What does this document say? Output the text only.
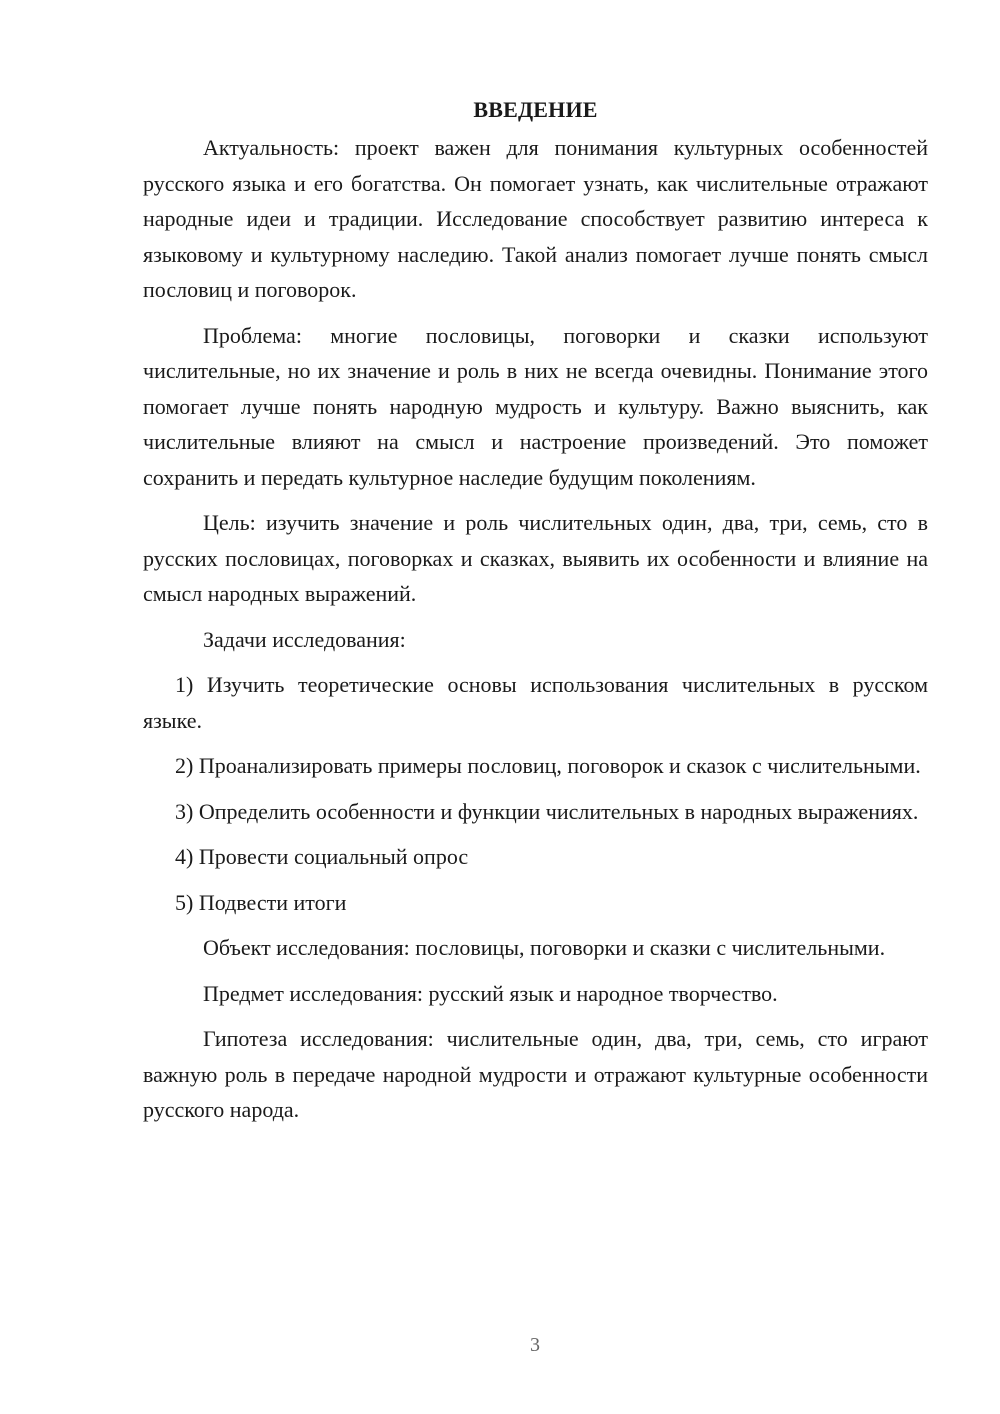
ВВЕДЕНИЕ

Актуальность: проект важен для понимания культурных особенностей русского языка и его богатства. Он помогает узнать, как числительные отражают народные идеи и традиции. Исследование способствует развитию интереса к языковому и культурному наследию. Такой анализ помогает лучше понять смысл пословиц и поговорок.

Проблема: многие пословицы, поговорки и сказки используют числительные, но их значение и роль в них не всегда очевидны. Понимание этого помогает лучше понять народную мудрость и культуру. Важно выяснить, как числительные влияют на смысл и настроение произведений. Это поможет сохранить и передать культурное наследие будущим поколениям.

Цель: изучить значение и роль числительных один, два, три, семь, сто в русских пословицах, поговорках и сказках, выявить их особенности и влияние на смысл народных выражений.

Задачи исследования:

1) Изучить теоретические основы использования числительных в русском языке.

2) Проанализировать примеры пословиц, поговорок и сказок с числительными.

3) Определить особенности и функции числительных в народных выражениях.

4) Провести социальный опрос

5) Подвести итоги

Объект исследования: пословицы, поговорки и сказки с числительными.

Предмет исследования: русский язык и народное творчество.

Гипотеза исследования: числительные один, два, три, семь, сто играют важную роль в передаче народной мудрости и отражают культурные особенности русского народа.

3
